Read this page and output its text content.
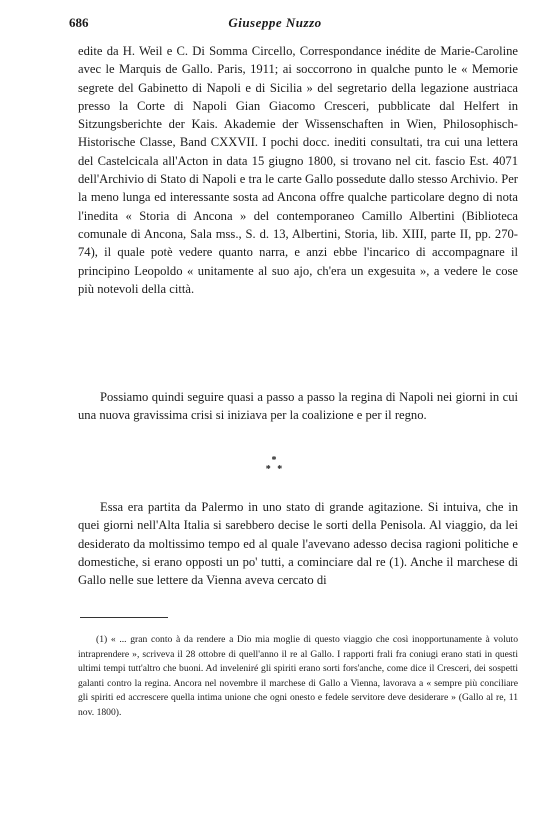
686	Giuseppe Nuzzo

edite da H. Weil e C. Di Somma Circello, Correspondance inédite de Marie-Caroline avec le Marquis de Gallo. Paris, 1911; ai soccorrono in qualche punto le « Memorie segrete del Gabinetto di Napoli e di Sicilia » del segretario della legazione austriaca presso la Corte di Napoli Gian Giacomo Cresceri, pubblicate dal Helfert in Sitzungsberichte der Kais. Akademie der Wissenschaften in Wien, Philosophisch-Historische Classe, Band CXXVII. I pochi docc. inediti consultati, tra cui una lettera del Castelcicala all'Acton in data 15 giugno 1800, si trovano nel cit. fascio Est. 4071 dell'Archivio di Stato di Napoli e tra le carte Gallo possedute dallo stesso Archivio. Per la meno lunga ed interessante sosta ad Ancona offre qualche particolare degno di nota l'inedita « Storia di Ancona » del contemporaneo Camillo Albertini (Biblioteca comunale di Ancona, Sala mss., S. d. 13, Albertini, Storia, lib. XIII, parte II, pp. 270-74), il quale potè vedere quanto narra, e anzi ebbe l'incarico di accompagnare il principino Leopoldo « unitamente al suo ajo, ch'era un exgesuita », a vedere le cose più notevoli della città.

Possiamo quindi seguire quasi a passo a passo la regina di Napoli nei giorni in cui una nuova gravissima crisi si iniziava per la coalizione e per il regno.

*
* *

Essa era partita da Palermo in uno stato di grande agitazione. Si intuiva, che in quei giorni nell'Alta Italia si sarebbero decise le sorti della Penisola. Al viaggio, da lei desiderato da moltissimo tempo ed al quale l'avevano adesso decisa ragioni politiche e domestiche, si erano opposti un po' tutti, a cominciare dal re (1). Anche il marchese di Gallo nelle sue lettere da Vienna aveva cercato di

(1) « ... gran conto à da rendere a Dio mia moglie di questo viaggio che così inopportunamente à voluto intraprendere », scriveva il 28 ottobre di quell'anno il re al Gallo. I rapporti frali fra coniugi erano stati in questi ultimi tempi tutt'altro che buoni. Ad inveleniré gli spiriti erano sorti fors'anche, come dice il Cresceri, dei sospetti galanti contro la regina. Ancora nel novembre il marchese di Gallo a Vienna, lavorava a « sempre più conciliare gli spiriti ed accrescere quella intima unione che ogni onesto e fedele servitore deve desiderare » (Gallo al re, 11 nov. 1800).
